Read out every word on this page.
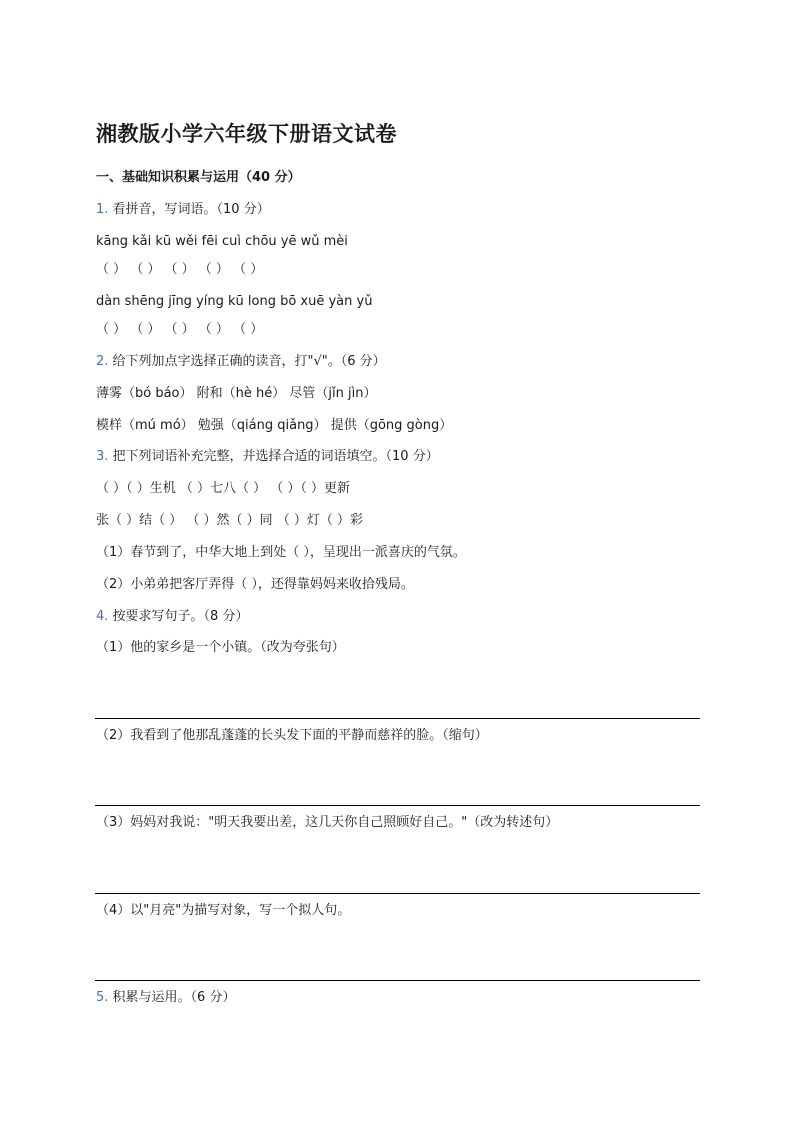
湘教版小学六年级下册语文试卷
一、基础知识积累与运用（40 分）
1. 看拼音，写词语。（10 分）
kāng kǎi kū wěi fēi cuì chōu yē wǔ mèi
（ ） （ ） （ ） （ ） （ ）
dàn shēng jīng yíng kū long bō xuē yàn yǔ
（ ） （ ） （ ） （ ） （ ）
2. 给下列加点字选择正确的读音，打"√"。（6 分）
薄雾（bó báo） 附和（hè hé） 尽管（jǐn jìn）
模样（mú mó） 勉强（qiáng qiǎng） 提供（gōng gòng）
3. 把下列词语补充完整，并选择合适的词语填空。（10 分）
（ ）（ ）生机 （ ）七八（ ） （ ）（ ）更新
张（ ）结（ ） （ ）然（ ）同 （ ）灯（ ）彩
（1）春节到了，中华大地上到处（ ），呈现出一派喜庆的气氛。
（2）小弟弟把客厅弄得（ ），还得靠妈妈来收拾残局。
4. 按要求写句子。（8 分）
（1）他的家乡是一个小镇。（改为夸张句）
（2）我看到了他那乱蓬蓬的长头发下面的平静而慈祥的脸。（缩句）
（3）妈妈对我说："明天我要出差，这几天你自己照顾好自己。"（改为转述句）
（4）以"月亮"为描写对象，写一个拟人句。
5. 积累与运用。（6 分）
